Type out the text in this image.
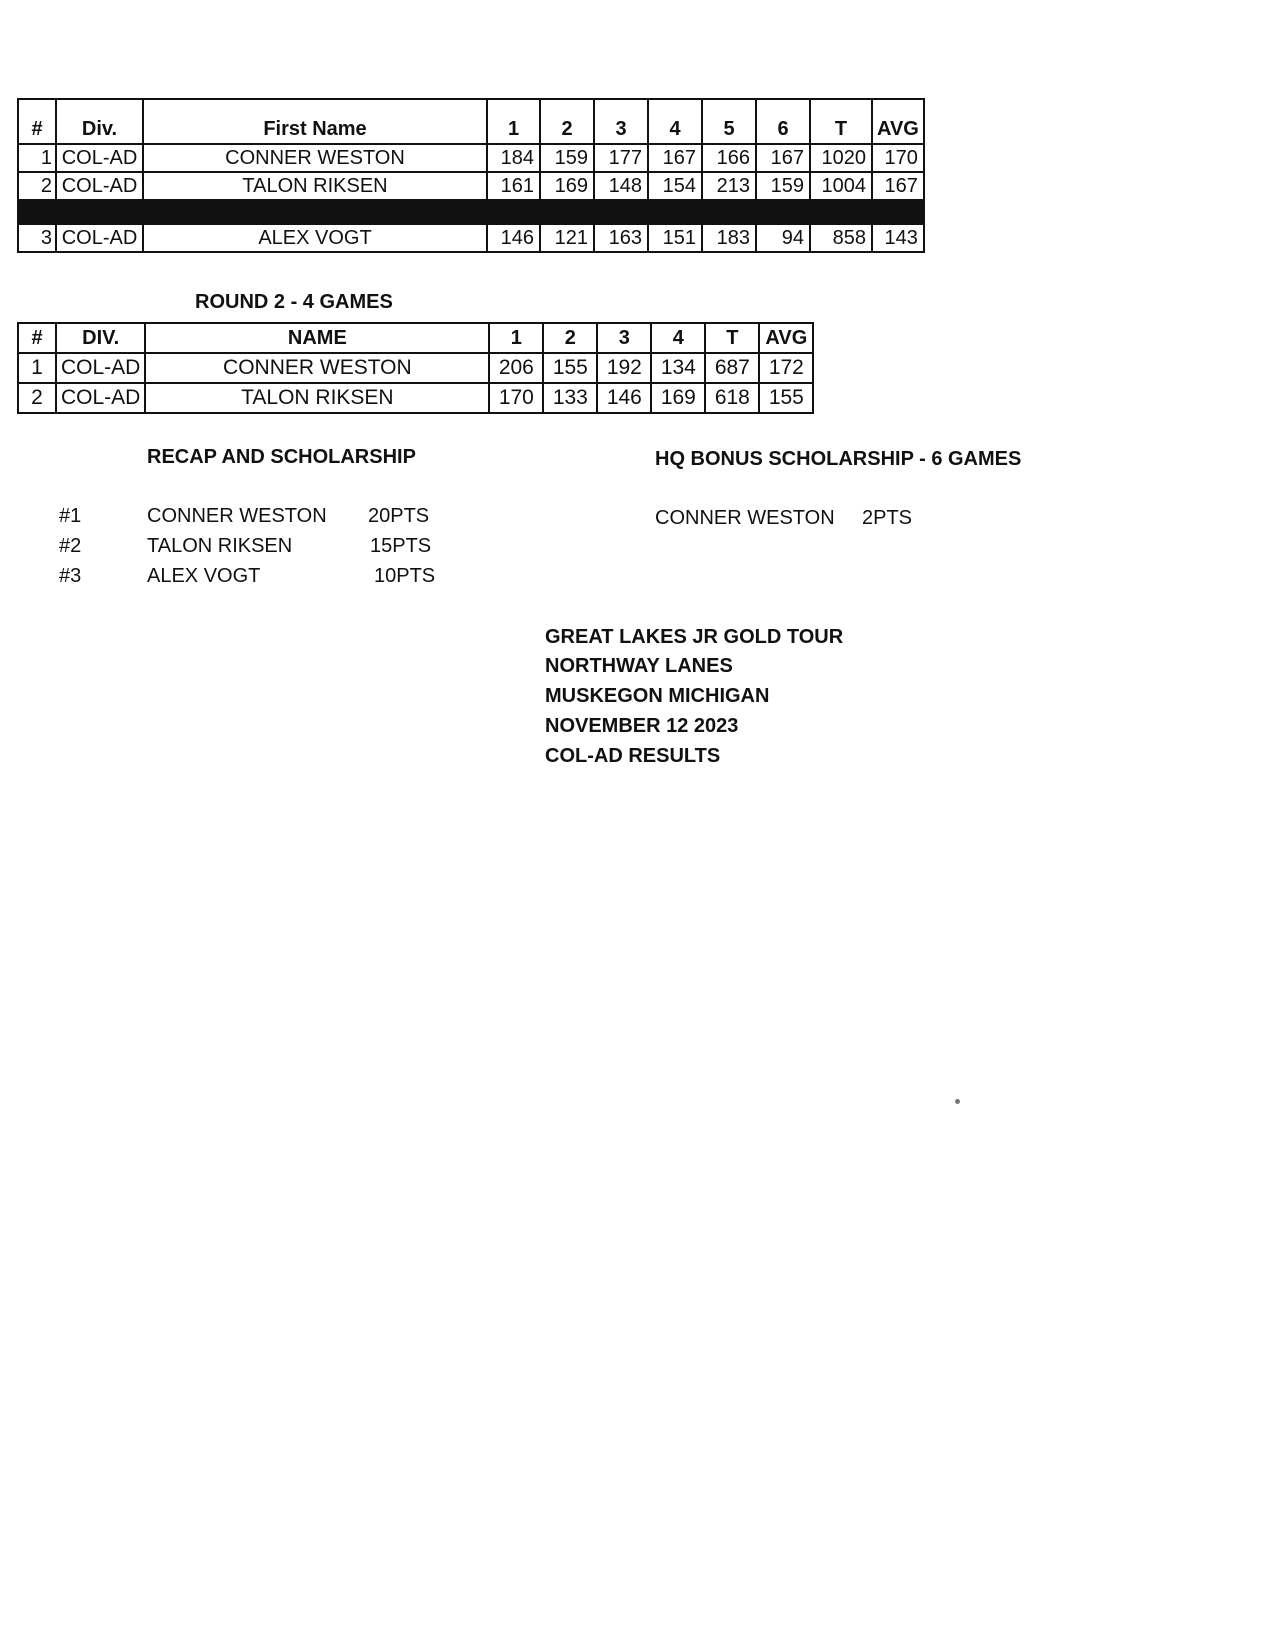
#	Div.	First Name	1	2	3	4	5	6	T	AVG
1	COL-AD	CONNER WESTON	184	159	177	167	166	167	1020	170
2	COL-AD	TALON RIKSEN	161	169	148	154	213	159	1004	167

3	COL-AD	ALEX VOGT	146	121	163	151	183	94	858	143
ROUND 2 - 4 GAMES
#	DIV.	NAME	1	2	3	4	T	AVG
1	COL-AD	CONNER WESTON	206	155	192	134	687	172
2	COL-AD	TALON RIKSEN	170	133	146	169	618	155
RECAP AND SCHOLARSHIP
#1	CONNER WESTON 20PTS
#2	TALON RIKSEN	15PTS
#3	ALEX VOGT	10PTS
HQ BONUS SCHOLARSHIP - 6 GAMES
CONNER WESTON 2PTS
GREAT LAKES JR GOLD TOUR
NORTHWAY LANES
MUSKEGON MICHIGAN
NOVEMBER 12 2023
COL-AD RESULTS
